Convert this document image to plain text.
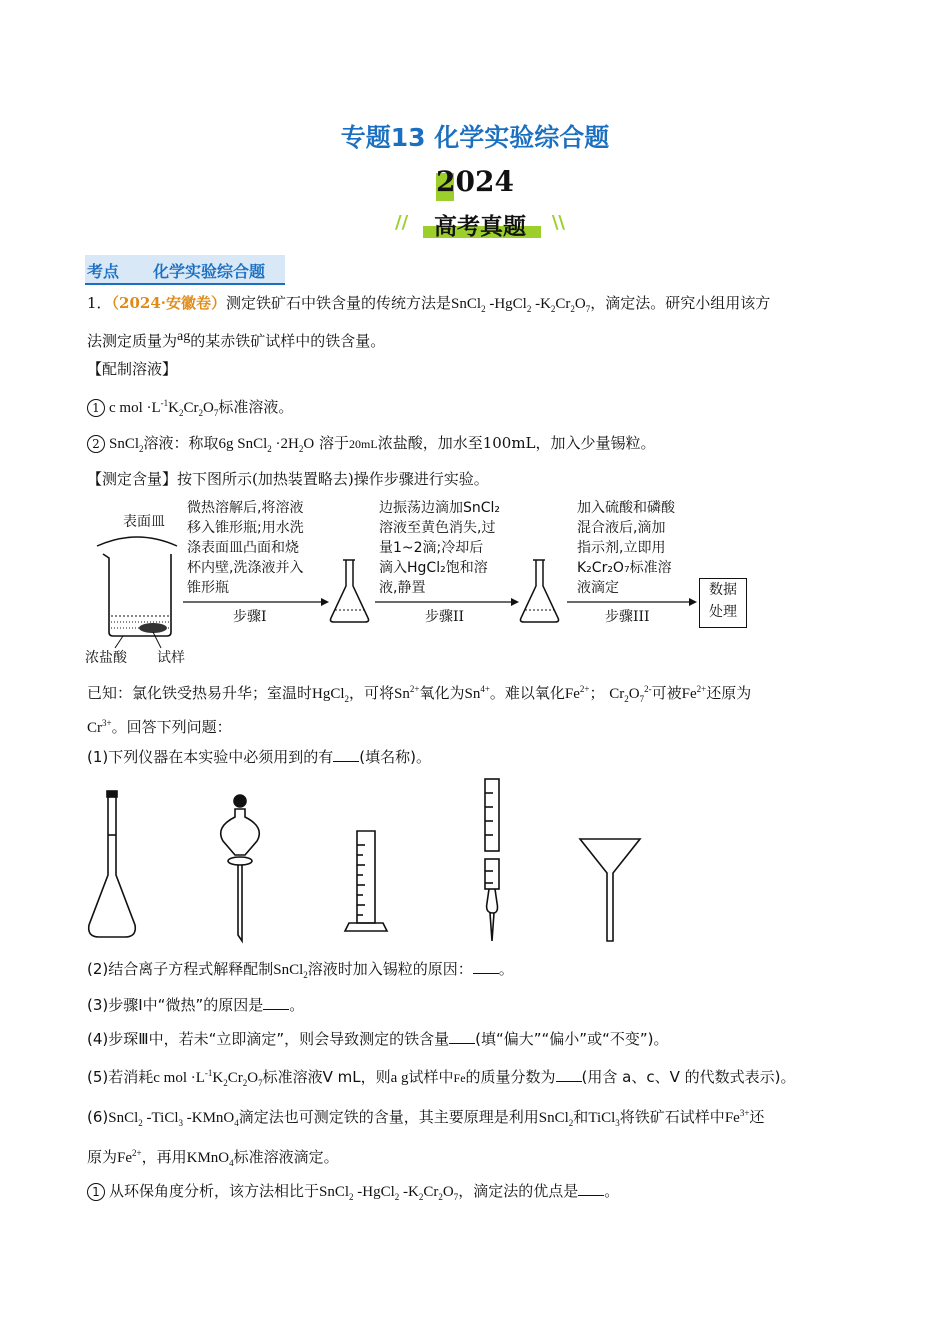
专题13 化学实验综合题
2024
//	高考真题	\\
考点 化学实验综合题
1．（2024·安徽卷）测定铁矿石中铁含量的传统方法是SnCl$_2$ -HgCl$_2$ $-K_2Cr_2O_7$，滴定法。研究小组用该方
法测定质量为$^{ag}$的某赤铁矿试样中的铁含量。
【配制溶液】
1 c mol $\cdot L^{-1}K_2Cr_2O_7$标准溶液。
2 SnCl$_2$溶液：称取6g SnCl$_2$ $\cdot 2H_2O$ 溶于20mL浓盐酸，加水至100mL，加入少量锡粒。
【测定含量】按下图所示(加热装置略去)操作步骤进行实验。
表面皿
浓盐酸 试样
微热溶解后,将溶液
移入锥形瓶;用水洗
涤表面皿凸面和烧
杯内壁,洗涤液并入
锥形瓶
步骤I
边振荡边滴加SnCl₂
溶液至黄色消失,过
量1~2滴;冷却后
滴入HgCl₂饱和溶
液,静置
步骤II
加入硫酸和磷酸
混合液后,滴加
指示剂,立即用
K₂Cr₂O₇标准溶
液滴定
步骤III
数据
处理
已知：氯化铁受热易升华；室温时HgCl$_2$，可将$Sn^{2+}$氧化为$Sn^{4+}$。难以氧化$Fe^{2+}$； $Cr_2O_7^{2-}$可被$Fe^{2+}$还原为
$Cr^{3+}$。回答下列问题：
(1)下列仪器在本实验中必须用到的有 (填名称)。
(2)结合离子方程式解释配制SnCl$_2$溶液时加入锡粒的原因： 。
(3)步骤Ⅰ中“微热”的原因是 。
(4)步琛Ⅲ中，若未“立即滴定”，则会导致测定的铁含量 (填“偏大”“偏小”或“不变”)。
(5)若消耗c mol $\cdot L^{-1}K_2Cr_2O_7$标准溶液V mL，则a g试样中Fe的质量分数为 (用含 a、c、V 的代数式表示)。
(6)SnCl$_2$ -TiCl$_3$ -KMnO$_4$滴定法也可测定铁的含量，其主要原理是利用SnCl$_2$和TiCl$_3$将铁矿石试样中$Fe^{3+}$还
原为$Fe^{2+}$，再用KMnO$_4$标准溶液滴定。
1 从环保角度分析，该方法相比于SnCl$_2$ -HgCl$_2$ $-K_2Cr_2O_7$，滴定法的优点是 。
